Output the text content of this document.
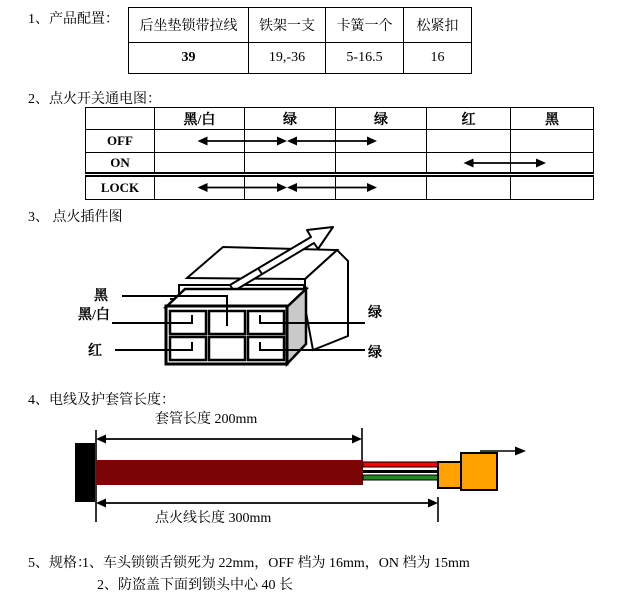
1、产品配置：
2、点火开关通电图：
3、 点火插件图
4、电线及护套管长度：
5、规格：
后坐垫锁带拉线	铁架一支	卡簧一个	松紧扣
39	19,-36	5-16.5	16
	黑/白	绿	绿	红	黑
OFF					
ON					
LOCK					
黑
黑/白
红
绿
绿
套管长度 200mm
点火线长度 300mm
1、车头锁锁舌锁死为 22mm，OFF 档为 16mm，ON 档为 15mm
2、防盗盖下面到锁头中心 40 长
